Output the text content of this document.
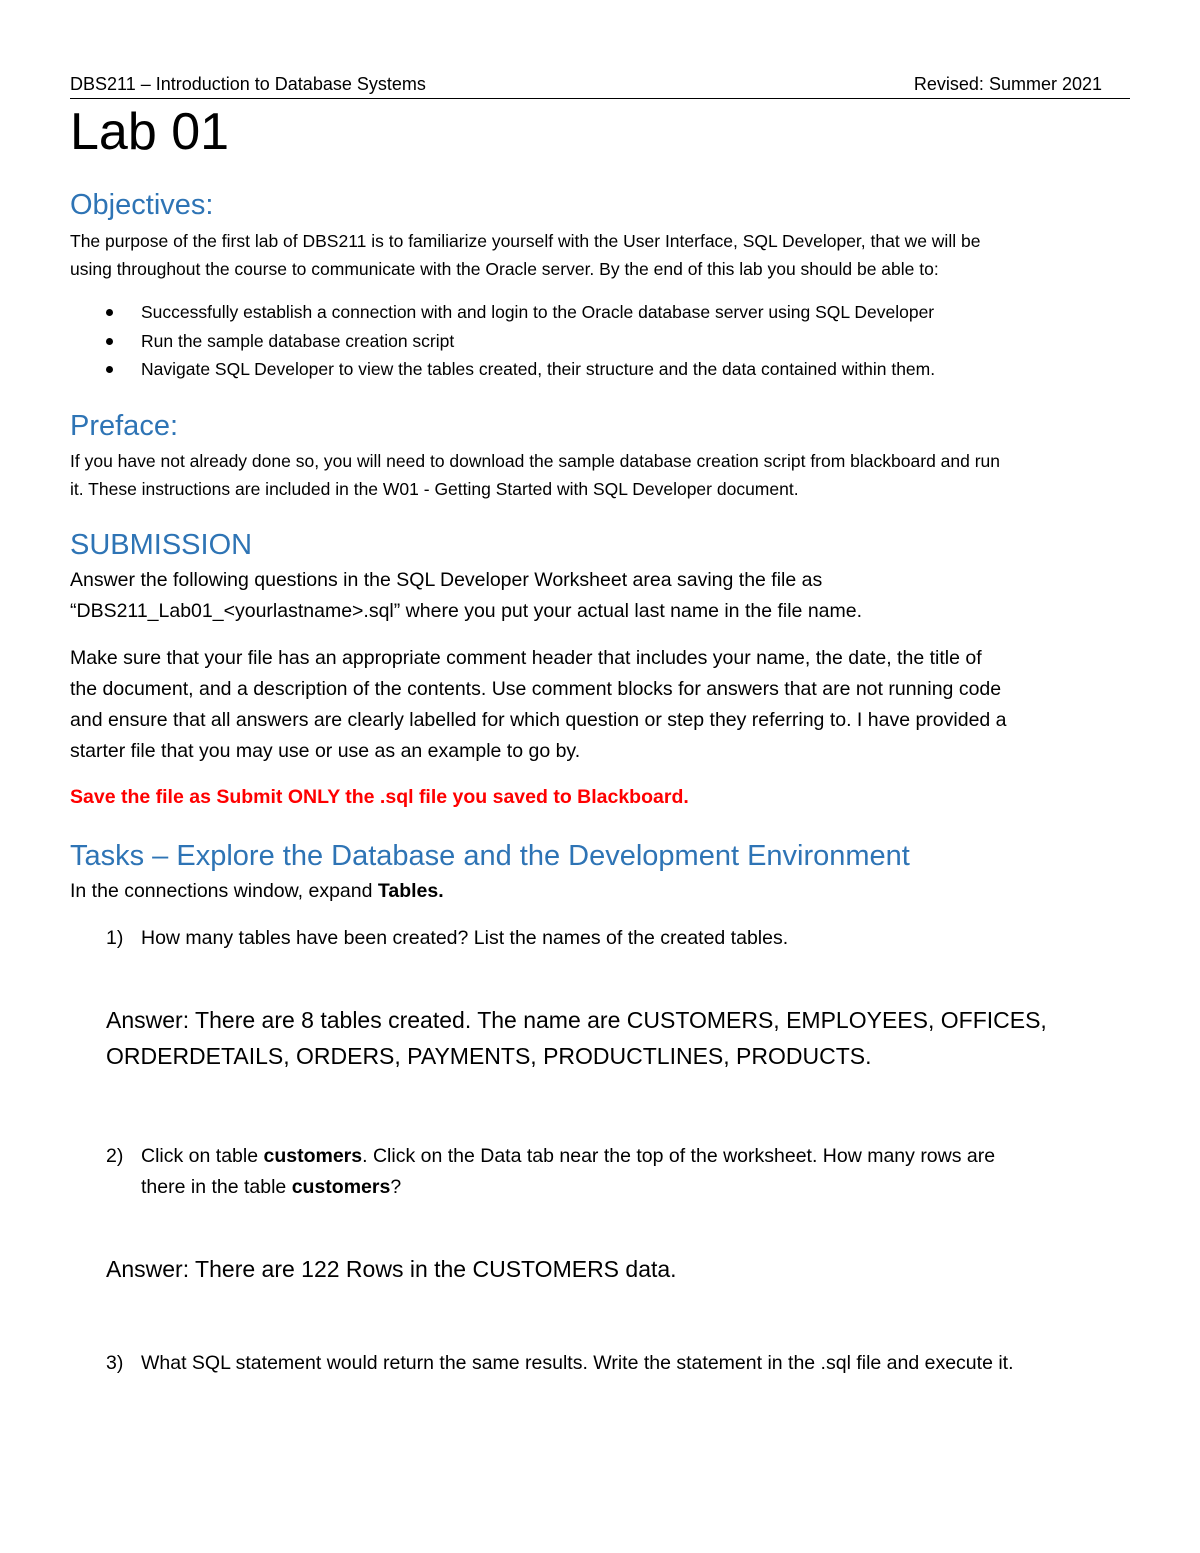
DBS211 – Introduction to Database Systems	Revised: Summer 2021
Lab 01
Objectives:

The purpose of the first lab of DBS211 is to familiarize yourself with the User Interface, SQL Developer, that we will be
using throughout the course to communicate with the Oracle server. By the end of this lab you should be able to:

Successfully establish a connection with and login to the Oracle database server using SQL Developer
Run the sample database creation script
Navigate SQL Developer to view the tables created, their structure and the data contained within them.
Preface:

If you have not already done so, you will need to download the sample database creation script from blackboard and run
it. These instructions are included in the W01 - Getting Started with SQL Developer document.

SUBMISSION

Answer the following questions in the SQL Developer Worksheet area saving the file as
“DBS211_Lab01_<yourlastname>.sql” where you put your actual last name in the file name.

Make sure that your file has an appropriate comment header that includes your name, the date, the title of
the document, and a description of the contents. Use comment blocks for answers that are not running code
and ensure that all answers are clearly labelled for which question or step they referring to. I have provided a
starter file that you may use or use as an example to go by.

Save the file as Submit ONLY the .sql file you saved to Blackboard.

Tasks – Explore the Database and the Development Environment

In the connections window, expand Tables.

1) How many tables have been created? List the names of the created tables.

Answer: There are 8 tables created. The name are CUSTOMERS, EMPLOYEES, OFFICES,
ORDERDETAILS, ORDERS, PAYMENTS, PRODUCTLINES, PRODUCTS.

2) Click on table customers. Click on the Data tab near the top of the worksheet. How many rows are
there in the table customers?

Answer: There are 122 Rows in the CUSTOMERS data.

3) What SQL statement would return the same results. Write the statement in the .sql file and execute it.
